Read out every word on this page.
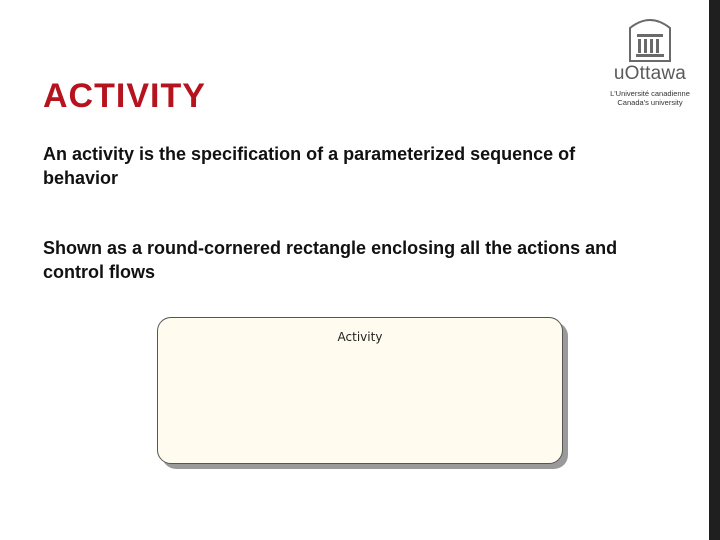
ACTIVITY

An activity is the specification of a parameterized sequence of behavior

Shown as a round-cornered rectangle enclosing all the actions and control flows

uOttawa
L'Université canadienne
Canada's university
Activity
